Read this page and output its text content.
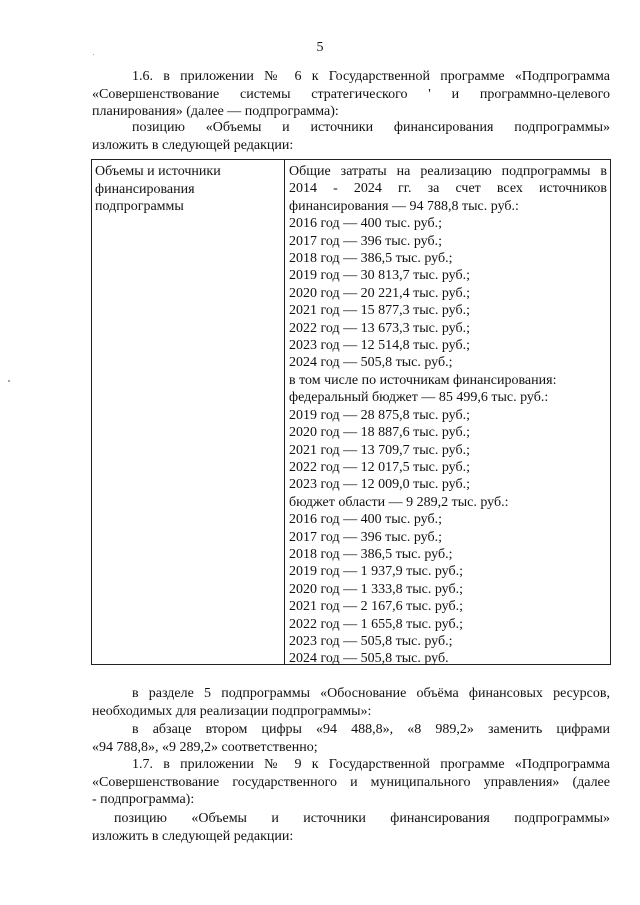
5
1.6. в приложении № 6 к Государственной программе «Подпрограмма
«Совершенствование системы стратегического ' и программно-целевого
планирования» (далее — подпрограмма):
позицию «Объемы и источники финансирования подпрограммы»
изложить в следующей редакции:
Объемы и источники
финансирования
подпрограммы
Общие затраты на реализацию подпрограммы в
2014 - 2024 гг. за счет всех источников
финансирования — 94 788,8 тыс. руб.:
2016 год — 400 тыс. руб.;
2017 год — 396 тыс. руб.;
2018 год — 386,5 тыс. руб.;
2019 год — 30 813,7 тыс. руб.;
2020 год — 20 221,4 тыс. руб.;
2021 год — 15 877,3 тыс. руб.;
2022 год — 13 673,3 тыс. руб.;
2023 год — 12 514,8 тыс. руб.;
2024 год — 505,8 тыс. руб.;
в том числе по источникам финансирования:
федеральный бюджет — 85 499,6 тыс. руб.:
2019 год — 28 875,8 тыс. руб.;
2020 год — 18 887,6 тыс. руб.;
2021 год — 13 709,7 тыс. руб.;
2022 год — 12 017,5 тыс. руб.;
2023 год — 12 009,0 тыс. руб.;
бюджет области — 9 289,2 тыс. руб.:
2016 год — 400 тыс. руб.;
2017 год — 396 тыс. руб.;
2018 год — 386,5 тыс. руб.;
2019 год — 1 937,9 тыс. руб.;
2020 год — 1 333,8 тыс. руб.;
2021 год — 2 167,6 тыс. руб.;
2022 год — 1 655,8 тыс. руб.;
2023 год — 505,8 тыс. руб.;
2024 год — 505,8 тыс. руб.
в разделе 5 подпрограммы «Обоснование объёма финансовых ресурсов,
необходимых для реализации подпрограммы»:
в абзаце втором цифры «94 488,8», «8 989,2» заменить цифрами
«94 788,8», «9 289,2» соответственно;
1.7. в приложении № 9 к Государственной программе «Подпрограмма
«Совершенствование государственного и муниципального управления» (далее
- подпрограмма):
позицию «Объемы и источники финансирования подпрограммы»
изложить в следующей редакции:
